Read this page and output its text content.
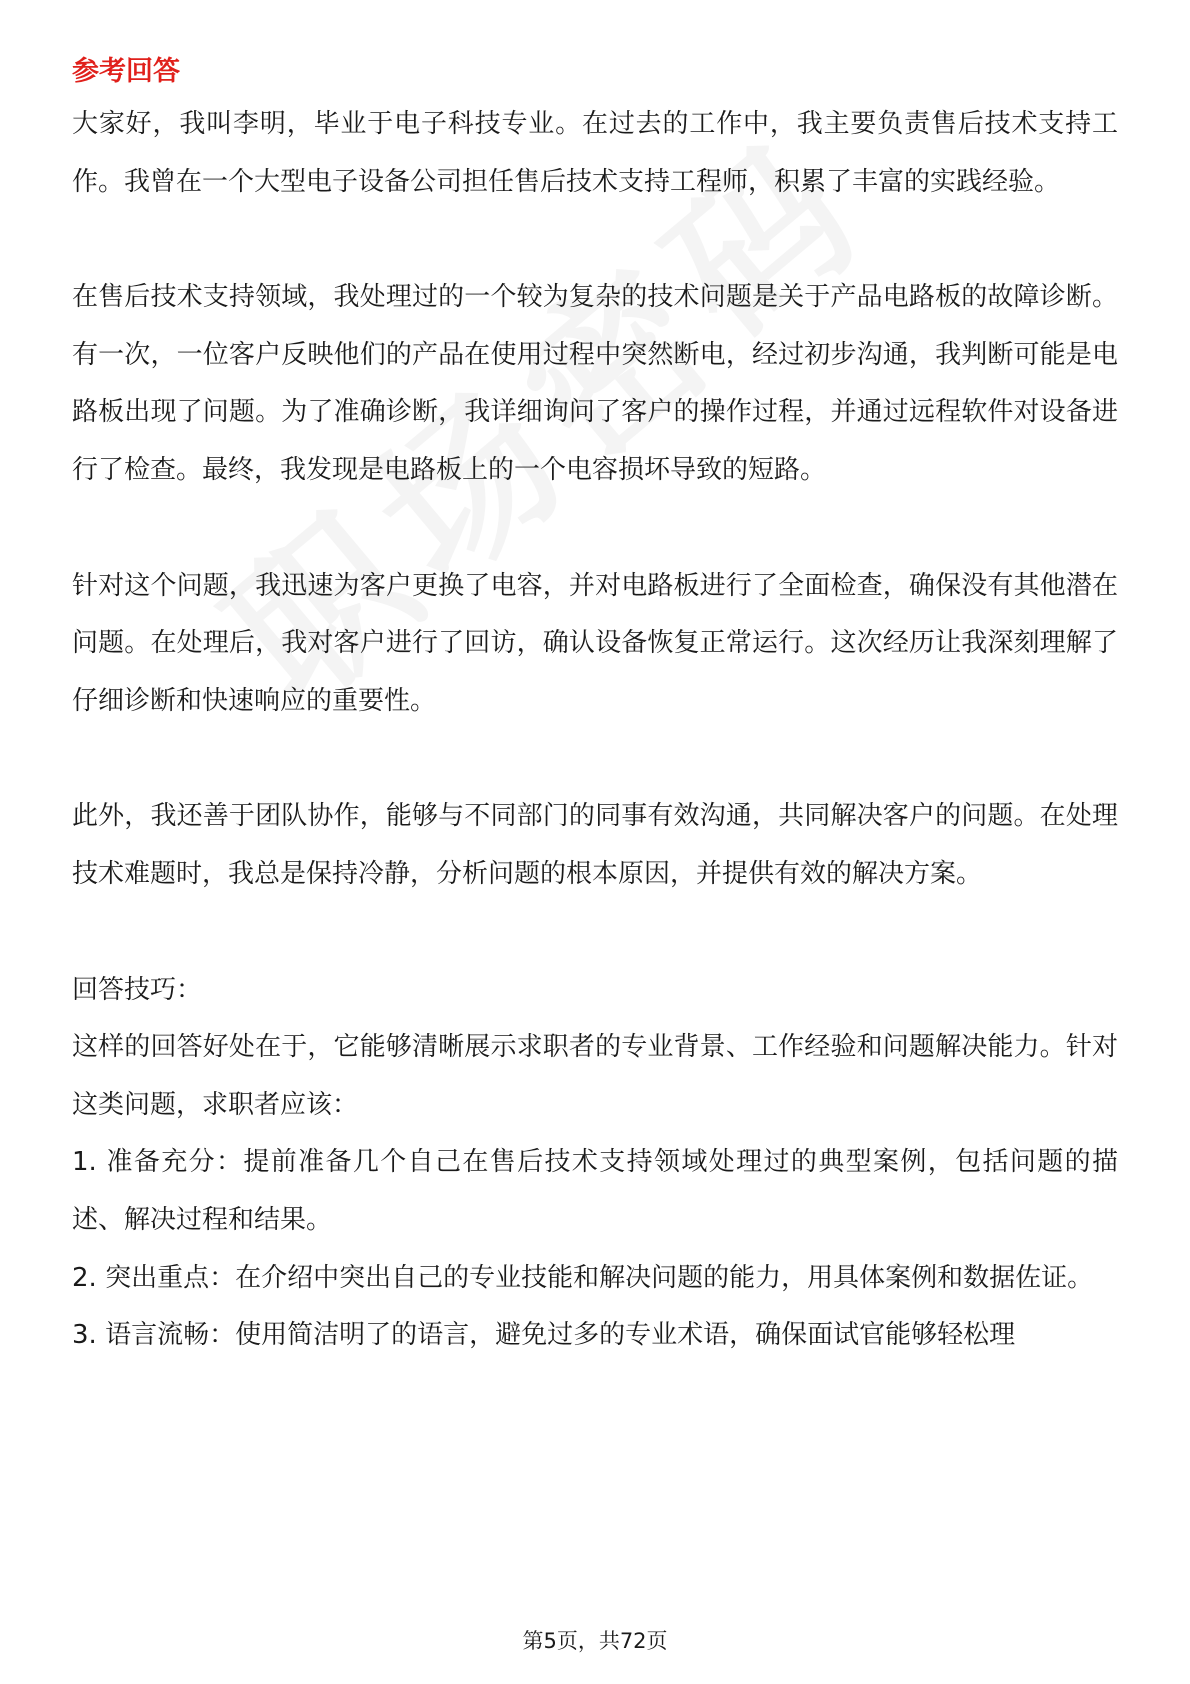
参考回答

大家好，我叫李明，毕业于电子科技专业。在过去的工作中，我主要负责售后技术支持工作。我曾在一个大型电子设备公司担任售后技术支持工程师，积累了丰富的实践经验。

在售后技术支持领域，我处理过的一个较为复杂的技术问题是关于产品电路板的故障诊断。有一次，一位客户反映他们的产品在使用过程中突然断电，经过初步沟通，我判断可能是电路板出现了问题。为了准确诊断，我详细询问了客户的操作过程，并通过远程软件对设备进行了检查。最终，我发现是电路板上的一个电容损坏导致的短路。

针对这个问题，我迅速为客户更换了电容，并对电路板进行了全面检查，确保没有其他潜在问题。在处理后，我对客户进行了回访，确认设备恢复正常运行。这次经历让我深刻理解了仔细诊断和快速响应的重要性。

此外，我还善于团队协作，能够与不同部门的同事有效沟通，共同解决客户的问题。在处理技术难题时，我总是保持冷静，分析问题的根本原因，并提供有效的解决方案。

回答技巧：

这样的回答好处在于，它能够清晰展示求职者的专业背景、工作经验和问题解决能力。针对这类问题，求职者应该：

1. 准备充分：提前准备几个自己在售后技术支持领域处理过的典型案例，包括问题的描述、解决过程和结果。

2. 突出重点：在介绍中突出自己的专业技能和解决问题的能力，用具体案例和数据佐证。

3. 语言流畅：使用简洁明了的语言，避免过多的专业术语，确保面试官能够轻松理

第5页，共72页
